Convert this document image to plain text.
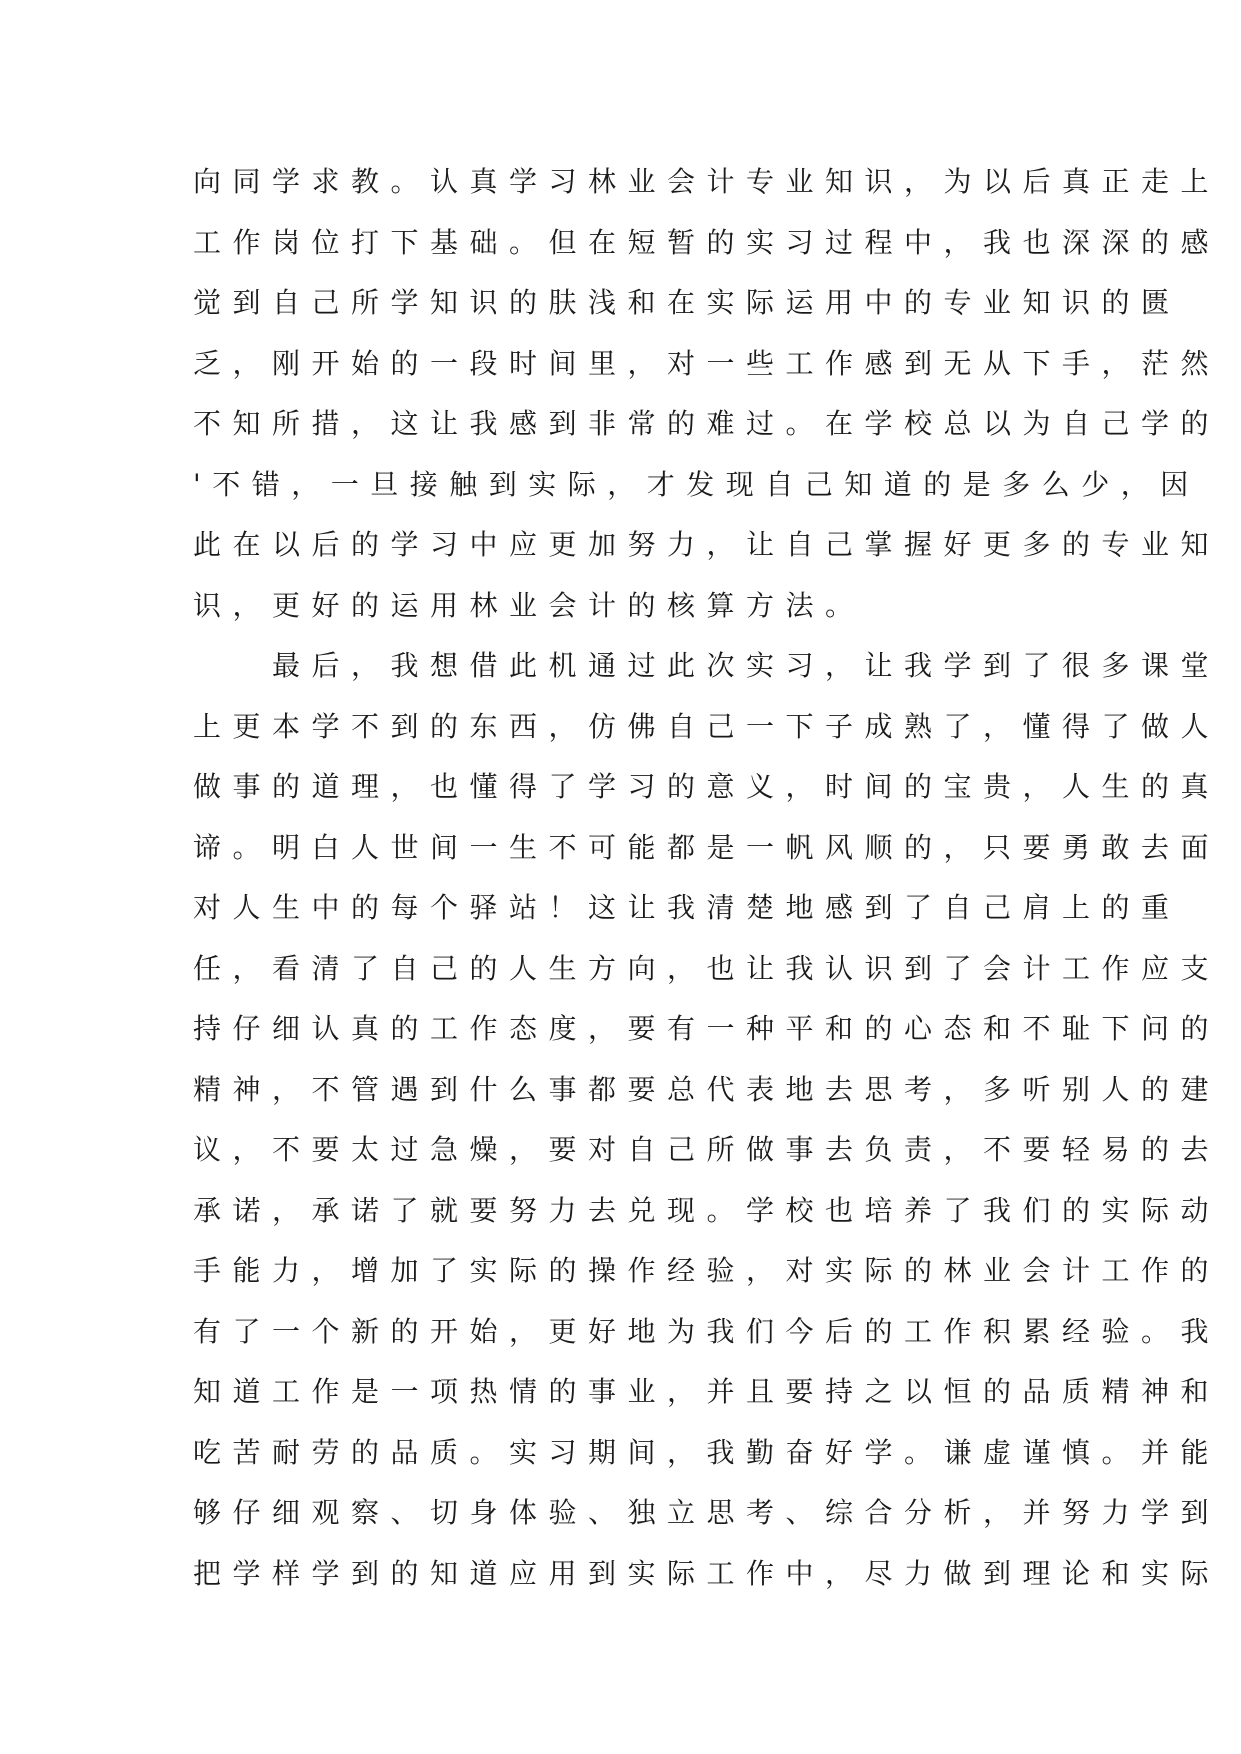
向同学求教。认真学习林业会计专业知识，为以后真正走上
工作岗位打下基础。但在短暂的实习过程中，我也深深的感
觉到自己所学知识的肤浅和在实际运用中的专业知识的匮
乏，刚开始的一段时间里，对一些工作感到无从下手，茫然
不知所措，这让我感到非常的难过。在学校总以为自己学的
'不错，一旦接触到实际，才发现自己知道的是多么少，因
此在以后的学习中应更加努力，让自己掌握好更多的专业知
识，更好的运用林业会计的核算方法。
　　最后，我想借此机通过此次实习，让我学到了很多课堂
上更本学不到的东西，仿佛自己一下子成熟了，懂得了做人
做事的道理，也懂得了学习的意义，时间的宝贵，人生的真
谛。明白人世间一生不可能都是一帆风顺的，只要勇敢去面
对人生中的每个驿站！这让我清楚地感到了自己肩上的重
任，看清了自己的人生方向，也让我认识到了会计工作应支
持仔细认真的工作态度，要有一种平和的心态和不耻下问的
精神，不管遇到什么事都要总代表地去思考，多听别人的建
议，不要太过急燥，要对自己所做事去负责，不要轻易的去
承诺，承诺了就要努力去兑现。学校也培养了我们的实际动
手能力，增加了实际的操作经验，对实际的林业会计工作的
有了一个新的开始，更好地为我们今后的工作积累经验。我
知道工作是一项热情的事业，并且要持之以恒的品质精神和
吃苦耐劳的品质。实习期间，我勤奋好学。谦虚谨慎。并能
够仔细观察、切身体验、独立思考、综合分析，并努力学到
把学样学到的知道应用到实际工作中，尽力做到理论和实际
